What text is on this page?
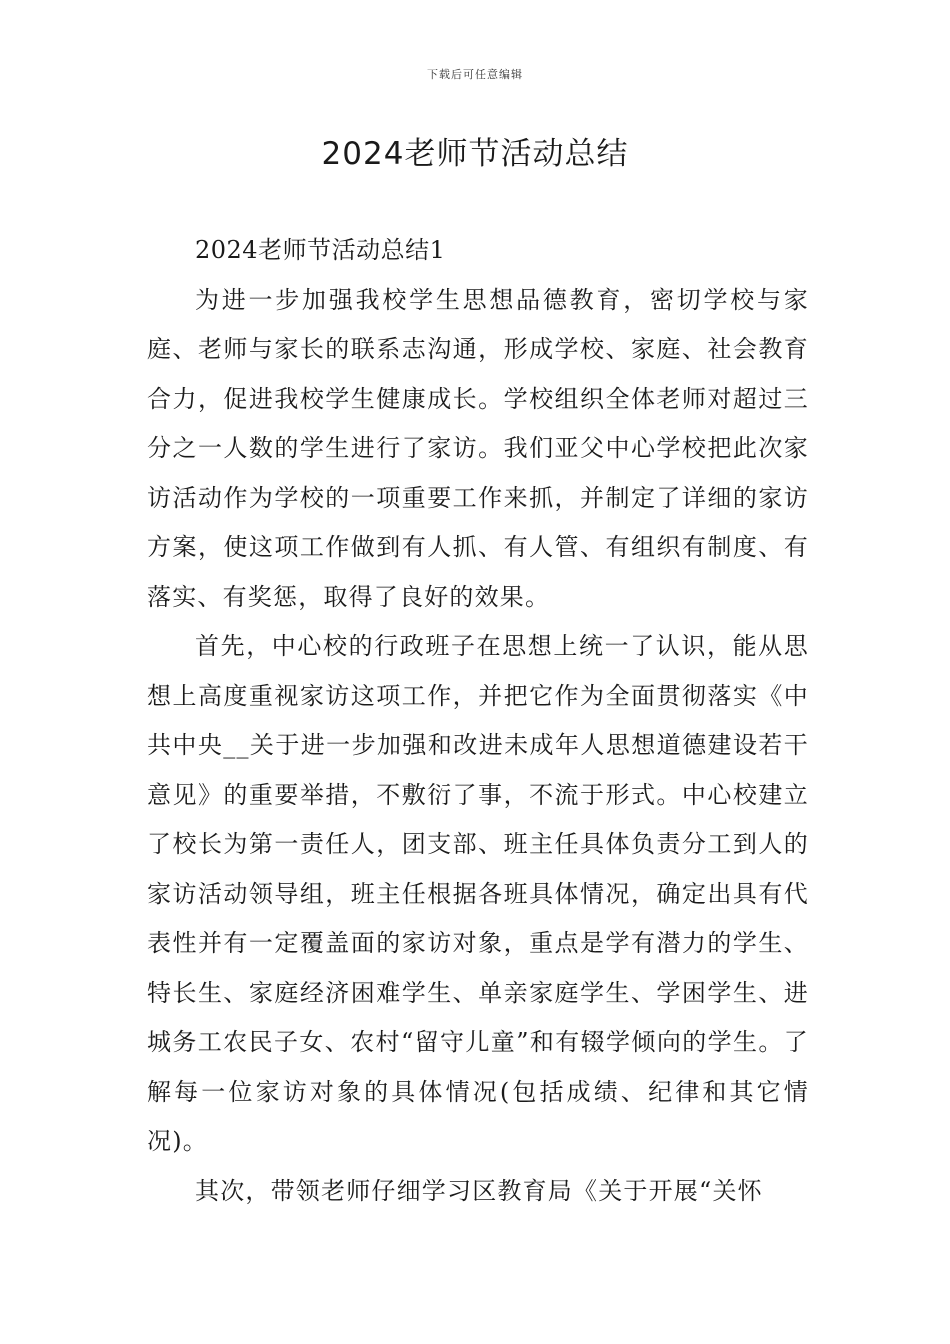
下载后可任意编辑
2024老师节活动总结

2024老师节活动总结1

为进一步加强我校学生思想品德教育，密切学校与家庭、老师与家长的联系志沟通，形成学校、家庭、社会教育合力，促进我校学生健康成长。学校组织全体老师对超过三分之一人数的学生进行了家访。我们亚父中心学校把此次家访活动作为学校的一项重要工作来抓，并制定了详细的家访方案，使这项工作做到有人抓、有人管、有组织有制度、有落实、有奖惩，取得了良好的效果。

首先，中心校的行政班子在思想上统一了认识，能从思想上高度重视家访这项工作，并把它作为全面贯彻落实《中共中央__关于进一步加强和改进未成年人思想道德建设若干意见》的重要举措，不敷衍了事，不流于形式。中心校建立了校长为第一责任人，团支部、班主任具体负责分工到人的家访活动领导组，班主任根据各班具体情况，确定出具有代表性并有一定覆盖面的家访对象，重点是学有潜力的学生、特长生、家庭经济困难学生、单亲家庭学生、学困学生、进城务工农民子女、农村“留守儿童”和有辍学倾向的学生。了解每一位家访对象的具体情况(包括成绩、纪律和其它情况)。

其次，带领老师仔细学习区教育局《关于开展“关怀
